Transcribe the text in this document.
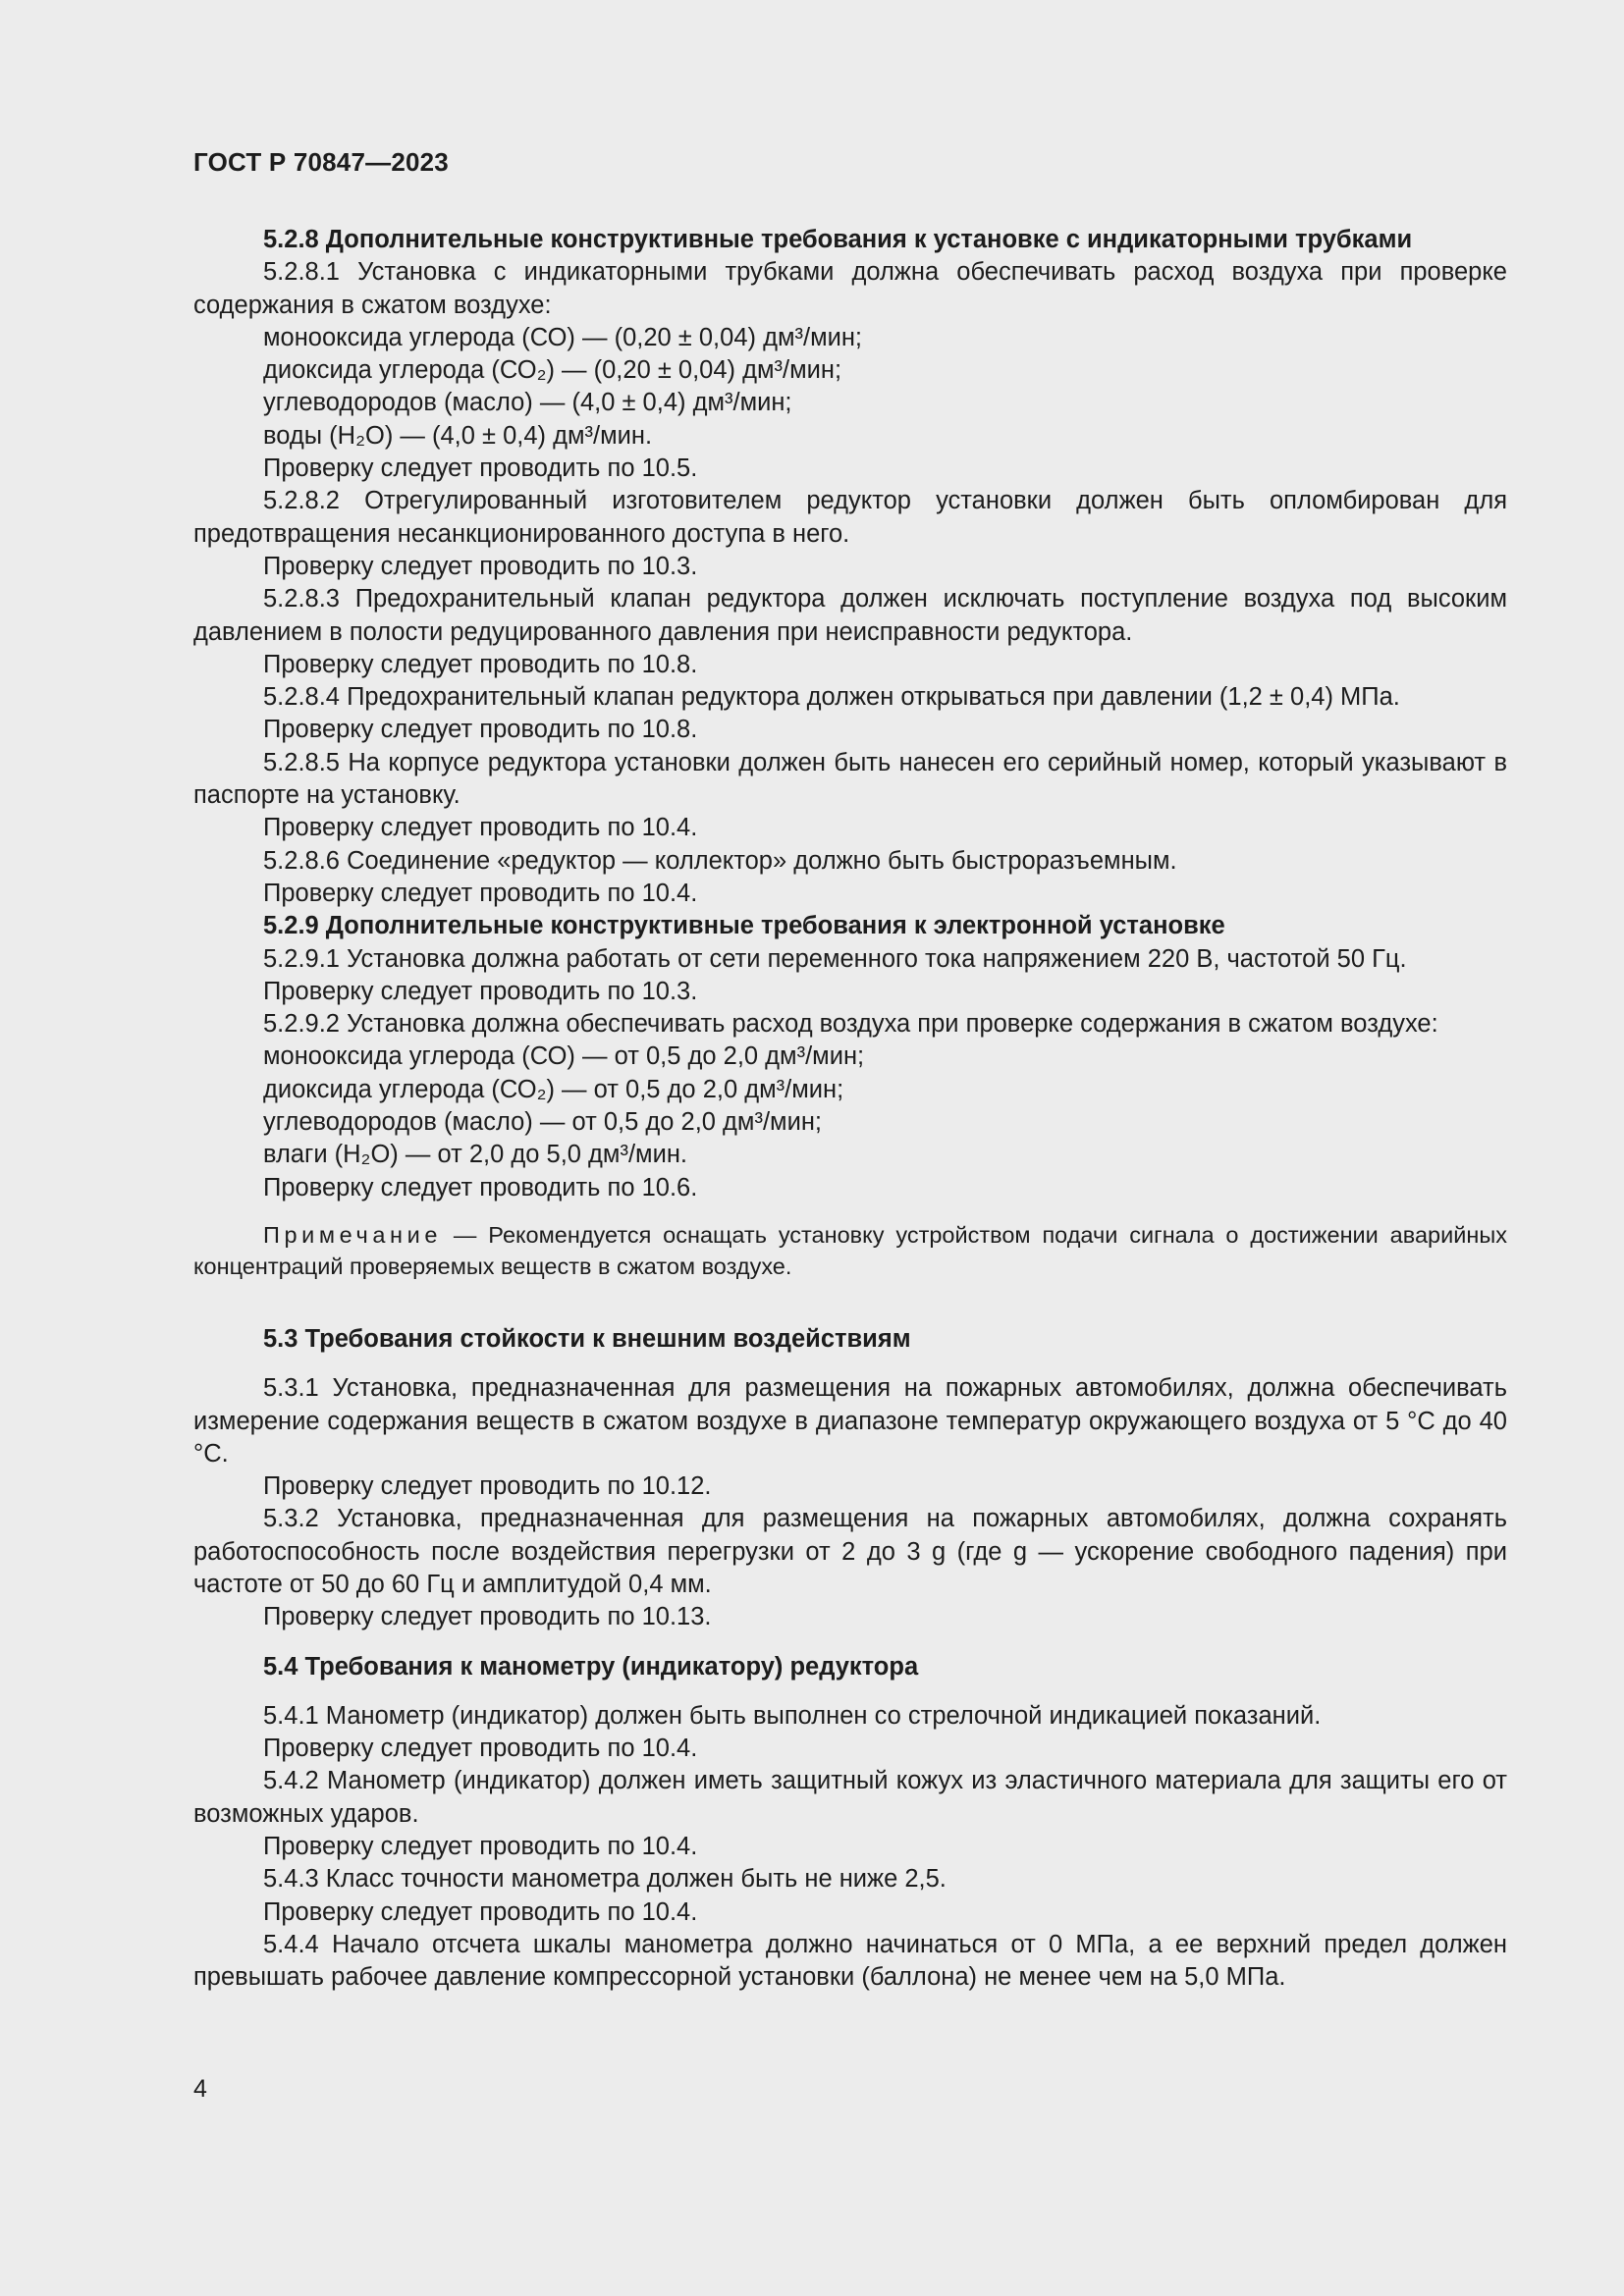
ГОСТ Р 70847—2023

5.2.8 Дополнительные конструктивные требования к установке с индикаторными трубками

5.2.8.1 Установка с индикаторными трубками должна обеспечивать расход воздуха при проверке содержания в сжатом воздухе:

монооксида углерода (СО) — (0,20 ± 0,04) дм³/мин;

диоксида углерода (СО₂) — (0,20 ± 0,04) дм³/мин;

углеводородов (масло) — (4,0 ± 0,4) дм³/мин;

воды (Н₂О) — (4,0 ± 0,4) дм³/мин.

Проверку следует проводить по 10.5.

5.2.8.2 Отрегулированный изготовителем редуктор установки должен быть опломбирован для предотвращения несанкционированного доступа в него.

Проверку следует проводить по 10.3.

5.2.8.3 Предохранительный клапан редуктора должен исключать поступление воздуха под высоким давлением в полости редуцированного давления при неисправности редуктора.

Проверку следует проводить по 10.8.

5.2.8.4 Предохранительный клапан редуктора должен открываться при давлении (1,2 ± 0,4) МПа.

Проверку следует проводить по 10.8.

5.2.8.5 На корпусе редуктора установки должен быть нанесен его серийный номер, который указывают в паспорте на установку.

Проверку следует проводить по 10.4.

5.2.8.6 Соединение «редуктор — коллектор» должно быть быстроразъемным.

Проверку следует проводить по 10.4.

5.2.9 Дополнительные конструктивные требования к электронной установке

5.2.9.1 Установка должна работать от сети переменного тока напряжением 220 В, частотой 50 Гц.

Проверку следует проводить по 10.3.

5.2.9.2 Установка должна обеспечивать расход воздуха при проверке содержания в сжатом воздухе:

монооксида углерода (СО) — от 0,5 до 2,0 дм³/мин;

диоксида углерода (СО₂) — от 0,5 до 2,0 дм³/мин;

углеводородов (масло) — от 0,5 до 2,0 дм³/мин;

влаги (Н₂О) — от 2,0 до 5,0 дм³/мин.

Проверку следует проводить по 10.6.

Примечание — Рекомендуется оснащать установку устройством подачи сигнала о достижении аварийных концентраций проверяемых веществ в сжатом воздухе.

5.3 Требования стойкости к внешним воздействиям

5.3.1 Установка, предназначенная для размещения на пожарных автомобилях, должна обеспечивать измерение содержания веществ в сжатом воздухе в диапазоне температур окружающего воздуха от 5 °С до 40 °С.

Проверку следует проводить по 10.12.

5.3.2 Установка, предназначенная для размещения на пожарных автомобилях, должна сохранять работоспособность после воздействия перегрузки от 2 до 3 g (где g — ускорение свободного падения) при частоте от 50 до 60 Гц и амплитудой 0,4 мм.

Проверку следует проводить по 10.13.

5.4 Требования к манометру (индикатору) редуктора

5.4.1 Манометр (индикатор) должен быть выполнен со стрелочной индикацией показаний.

Проверку следует проводить по 10.4.

5.4.2 Манометр (индикатор) должен иметь защитный кожух из эластичного материала для защиты его от возможных ударов.

Проверку следует проводить по 10.4.

5.4.3 Класс точности манометра должен быть не ниже 2,5.

Проверку следует проводить по 10.4.

5.4.4 Начало отсчета шкалы манометра должно начинаться от 0 МПа, а ее верхний предел должен превышать рабочее давление компрессорной установки (баллона) не менее чем на 5,0 МПа.

4
